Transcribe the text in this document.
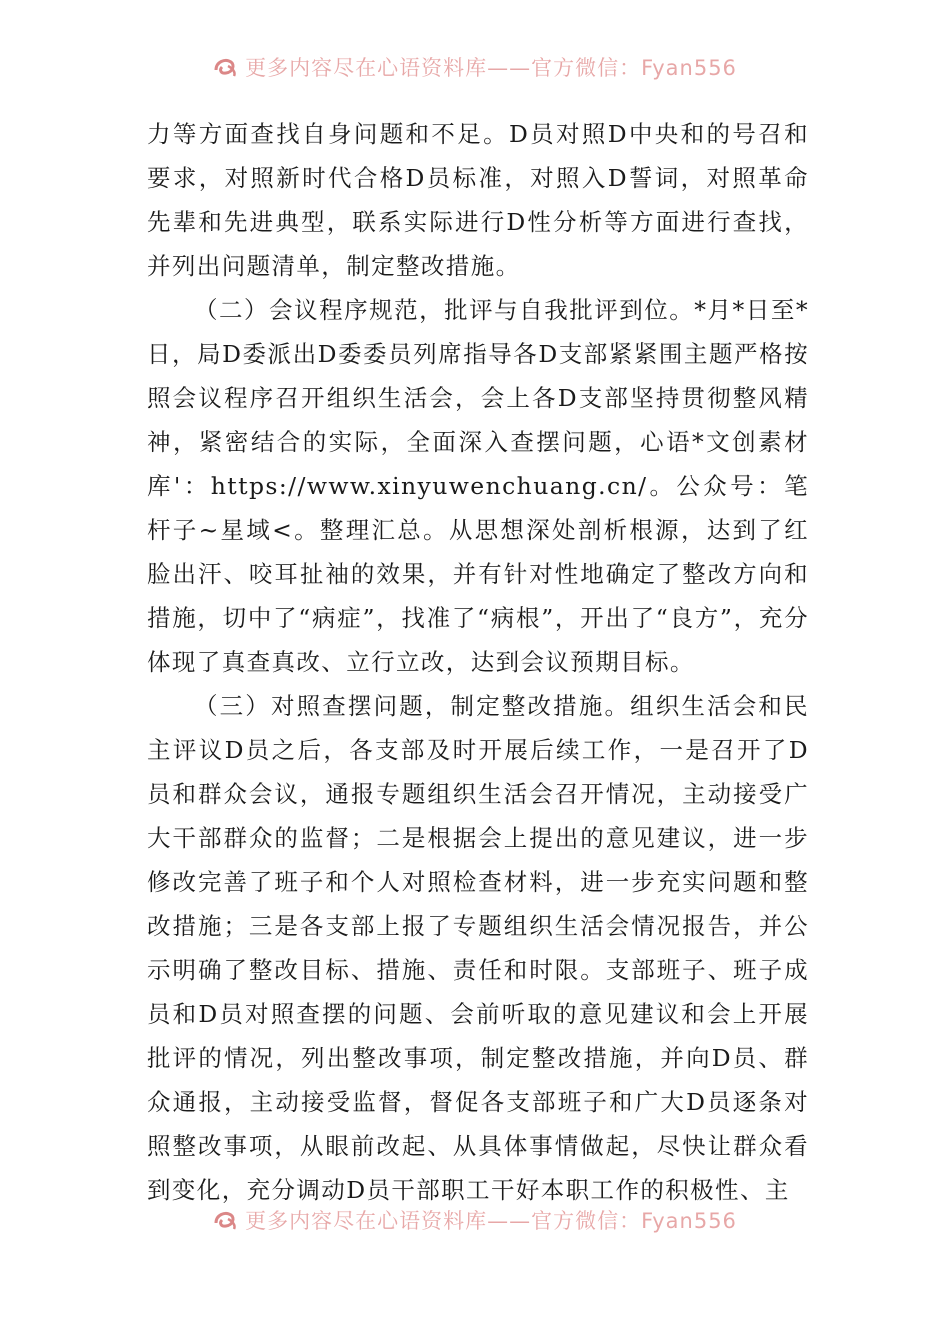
更多内容尽在心语资料库——官方微信：Fyan556

力等方面查找自身问题和不足。D员对照D中央和的号召和要求，对照新时代合格D员标准，对照入D誓词，对照革命先辈和先进典型，联系实际进行D性分析等方面进行查找，并列出问题清单，制定整改措施。

（二）会议程序规范，批评与自我批评到位。*月*日至*日，局D委派出D委委员列席指导各D支部紧紧围主题严格按照会议程序召开组织生活会，会上各D支部坚持贯彻整风精神，紧密结合的实际，全面深入查摆问题，心语*文创素材库'：https://www.xinyuwenchuang.cn/。公众号：笔杆子~星域<。整理汇总。从思想深处剖析根源，达到了红脸出汗、咬耳扯袖的效果，并有针对性地确定了整改方向和措施，切中了“病症”，找准了“病根”，开出了“良方”，充分体现了真查真改、立行立改，达到会议预期目标。

（三）对照查摆问题，制定整改措施。组织生活会和民主评议D员之后，各支部及时开展后续工作，一是召开了D员和群众会议，通报专题组织生活会召开情况，主动接受广大干部群众的监督；二是根据会上提出的意见建议，进一步修改完善了班子和个人对照检查材料，进一步充实问题和整改措施；三是各支部上报了专题组织生活会情况报告，并公示明确了整改目标、措施、责任和时限。支部班子、班子成员和D员对照查摆的问题、会前听取的意见建议和会上开展批评的情况，列出整改事项，制定整改措施，并向D员、群众通报，主动接受监督，督促各支部班子和广大D员逐条对照整改事项，从眼前改起、从具体事情做起，尽快让群众看到变化，充分调动D员干部职工干好本职工作的积极性、主

更多内容尽在心语资料库——官方微信：Fyan556
